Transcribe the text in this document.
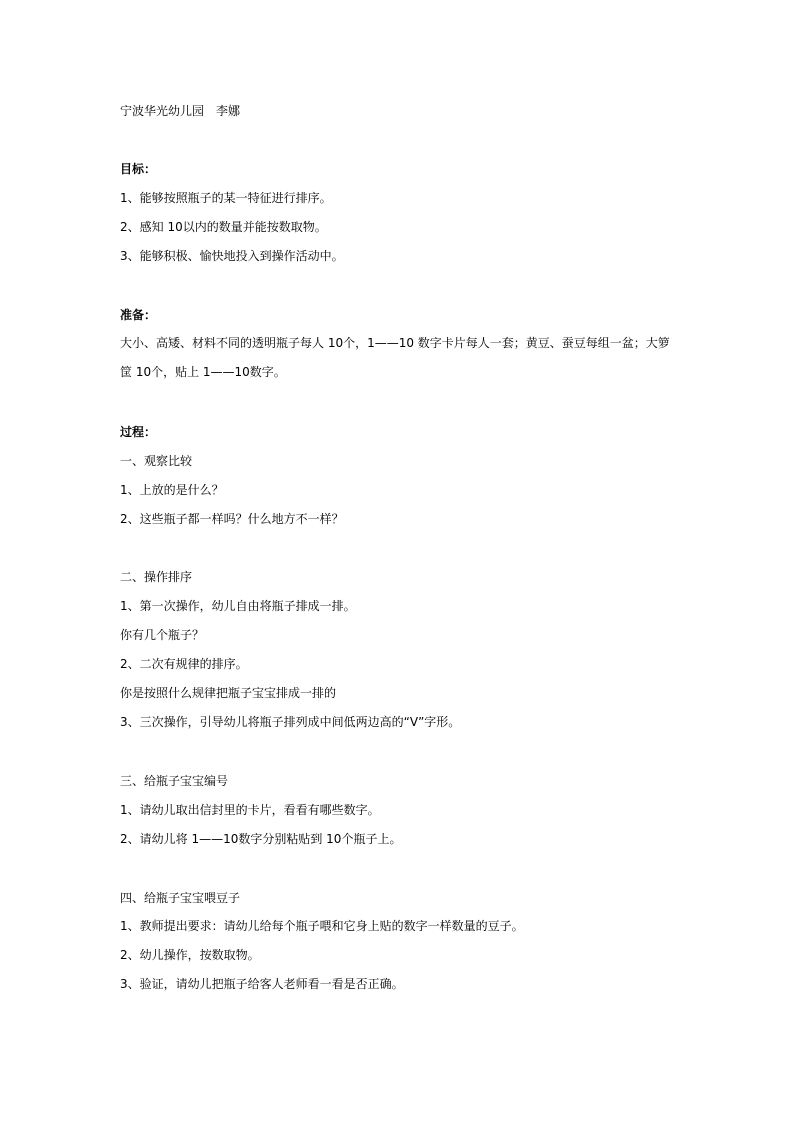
宁波华光幼儿园　李娜
目标：
1、能够按照瓶子的某一特征进行排序。
2、感知 10以内的数量并能按数取物。
3、能够积极、愉快地投入到操作活动中。
准备：
大小、高矮、材料不同的透明瓶子每人 10个，1——10 数字卡片每人一套；黄豆、蚕豆每组一盆；大箩筐 10个，贴上 1——10数字。
过程：
一、观察比较
1、上放的是什么？
2、这些瓶子都一样吗？什么地方不一样？
二、操作排序
1、第一次操作，幼儿自由将瓶子排成一排。
你有几个瓶子？
2、二次有规律的排序。
你是按照什么规律把瓶子宝宝排成一排的
3、三次操作，引导幼儿将瓶子排列成中间低两边高的“V”字形。
三、给瓶子宝宝编号
1、请幼儿取出信封里的卡片，看看有哪些数字。
2、请幼儿将 1——10数字分别粘贴到 10个瓶子上。
四、给瓶子宝宝喂豆子
1、教师提出要求：请幼儿给每个瓶子喂和它身上贴的数字一样数量的豆子。
2、幼儿操作，按数取物。
3、验证，请幼儿把瓶子给客人老师看一看是否正确。
